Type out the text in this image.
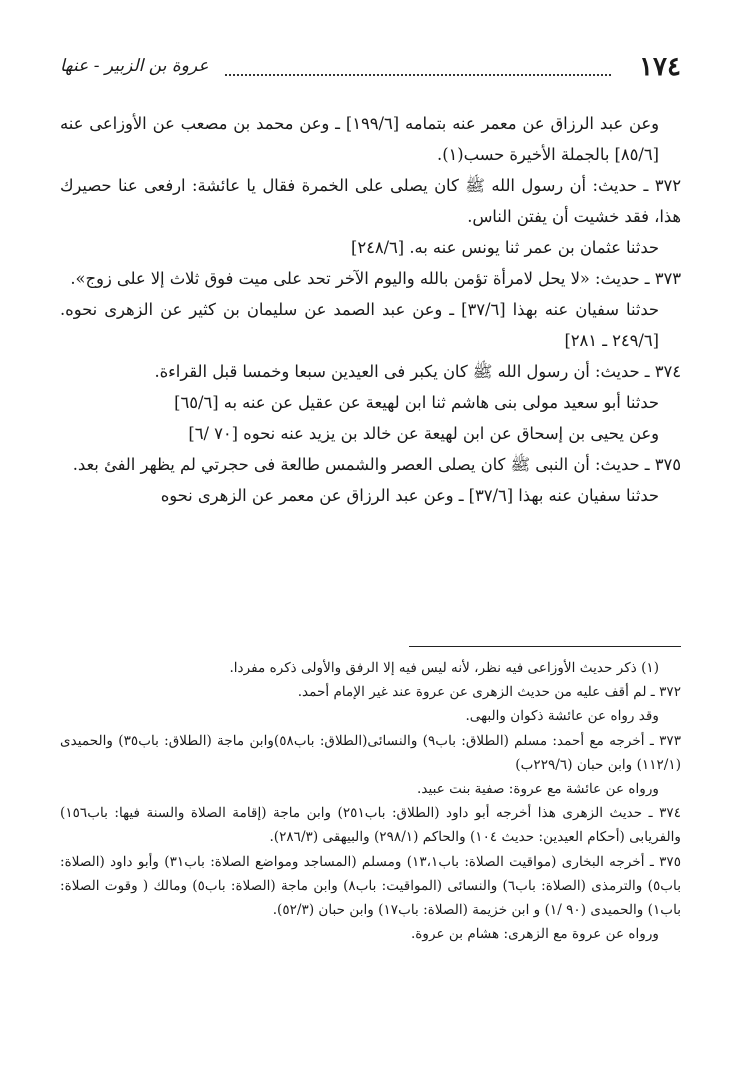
عروة بن الزبير - عنها	١٧٤

وعن عبد الرزاق عن معمر عنه بتمامه [١٩٩/٦] ـ وعن محمد بن مصعب عن الأوزاعى عنه [٨٥/٦] بالجملة الأخيرة حسب(١).

٣٧٢ ـ حديث: أن رسول الله ﷺ كان يصلى على الخمرة فقال يا عائشة: ارفعى عنا حصيرك هذا، فقد خشيت أن يفتن الناس.

حدثنا عثمان بن عمر ثنا يونس عنه به. [٢٤٨/٦]

٣٧٣ ـ حديث: «لا يحل لامرأة تؤمن بالله واليوم الآخر تحد على ميت فوق ثلاث إلا على زوج».

حدثنا سفيان عنه بهذا [٣٧/٦] ـ وعن عبد الصمد عن سليمان بن كثير عن الزهرى نحوه. [٢٤٩/٦ ـ ٢٨١]

٣٧٤ ـ حديث: أن رسول الله ﷺ كان يكبر فى العيدين سبعا وخمسا قبل القراءة.

حدثنا أبو سعيد مولى بنى هاشم ثنا ابن لهيعة عن عقيل عن عنه به [٦٥/٦]

وعن يحيى بن إسحاق عن ابن لهيعة عن خالد بن يزيد عنه نحوه [٧٠ /٦]

٣٧٥ ـ حديث: أن النبى ﷺ كان يصلى العصر والشمس طالعة فى حجرتي لم يظهر الفئ بعد.

حدثنا سفيان عنه بهذا [٣٧/٦] ـ وعن عبد الرزاق عن معمر عن الزهرى نحوه

(١) ذكر حديث الأوزاعى فيه نظر، لأنه ليس فيه إلا الرفق والأولى ذكره مفردا.

٣٧٢ ـ لم أقف عليه من حديث الزهرى عن عروة عند غير الإمام أحمد.

وقد رواه عن عائشة ذكوان والبهى.

٣٧٣ ـ أخرجه مع أحمد: مسلم (الطلاق: باب٩) والنسائى(الطلاق: باب٥٨)وابن ماجة (الطلاق: باب٣٥) والحميدى (١١٢/١) وابن حبان (٢٢٩/٦ب)

ورواه عن عائشة مع عروة: صفية بنت عبيد.

٣٧٤ ـ حديث الزهرى هذا أخرجه أبو داود (الطلاق: باب٢٥١) وابن ماجة (إقامة الصلاة والسنة فيها: باب١٥٦) والفريابى (أحكام العيدين: حديث ١٠٤) والحاكم (٢٩٨/١) والبيهقى (٢٨٦/٣).

٣٧٥ ـ أخرجه البخارى (مواقيت الصلاة: باب١٣،١) ومسلم (المساجد ومواضع الصلاة: باب٣١) وأبو داود (الصلاة: باب٥) والترمذى (الصلاة: باب٦) والنسائى (المواقيت: باب٨) وابن ماجة (الصلاة: باب٥) ومالك ( وقوت الصلاة: باب١) والحميدى (٩٠ /١) و ابن خزيمة (الصلاة: باب١٧) وابن حبان (٥٢/٣).

ورواه عن عروة مع الزهرى: هشام بن عروة.
